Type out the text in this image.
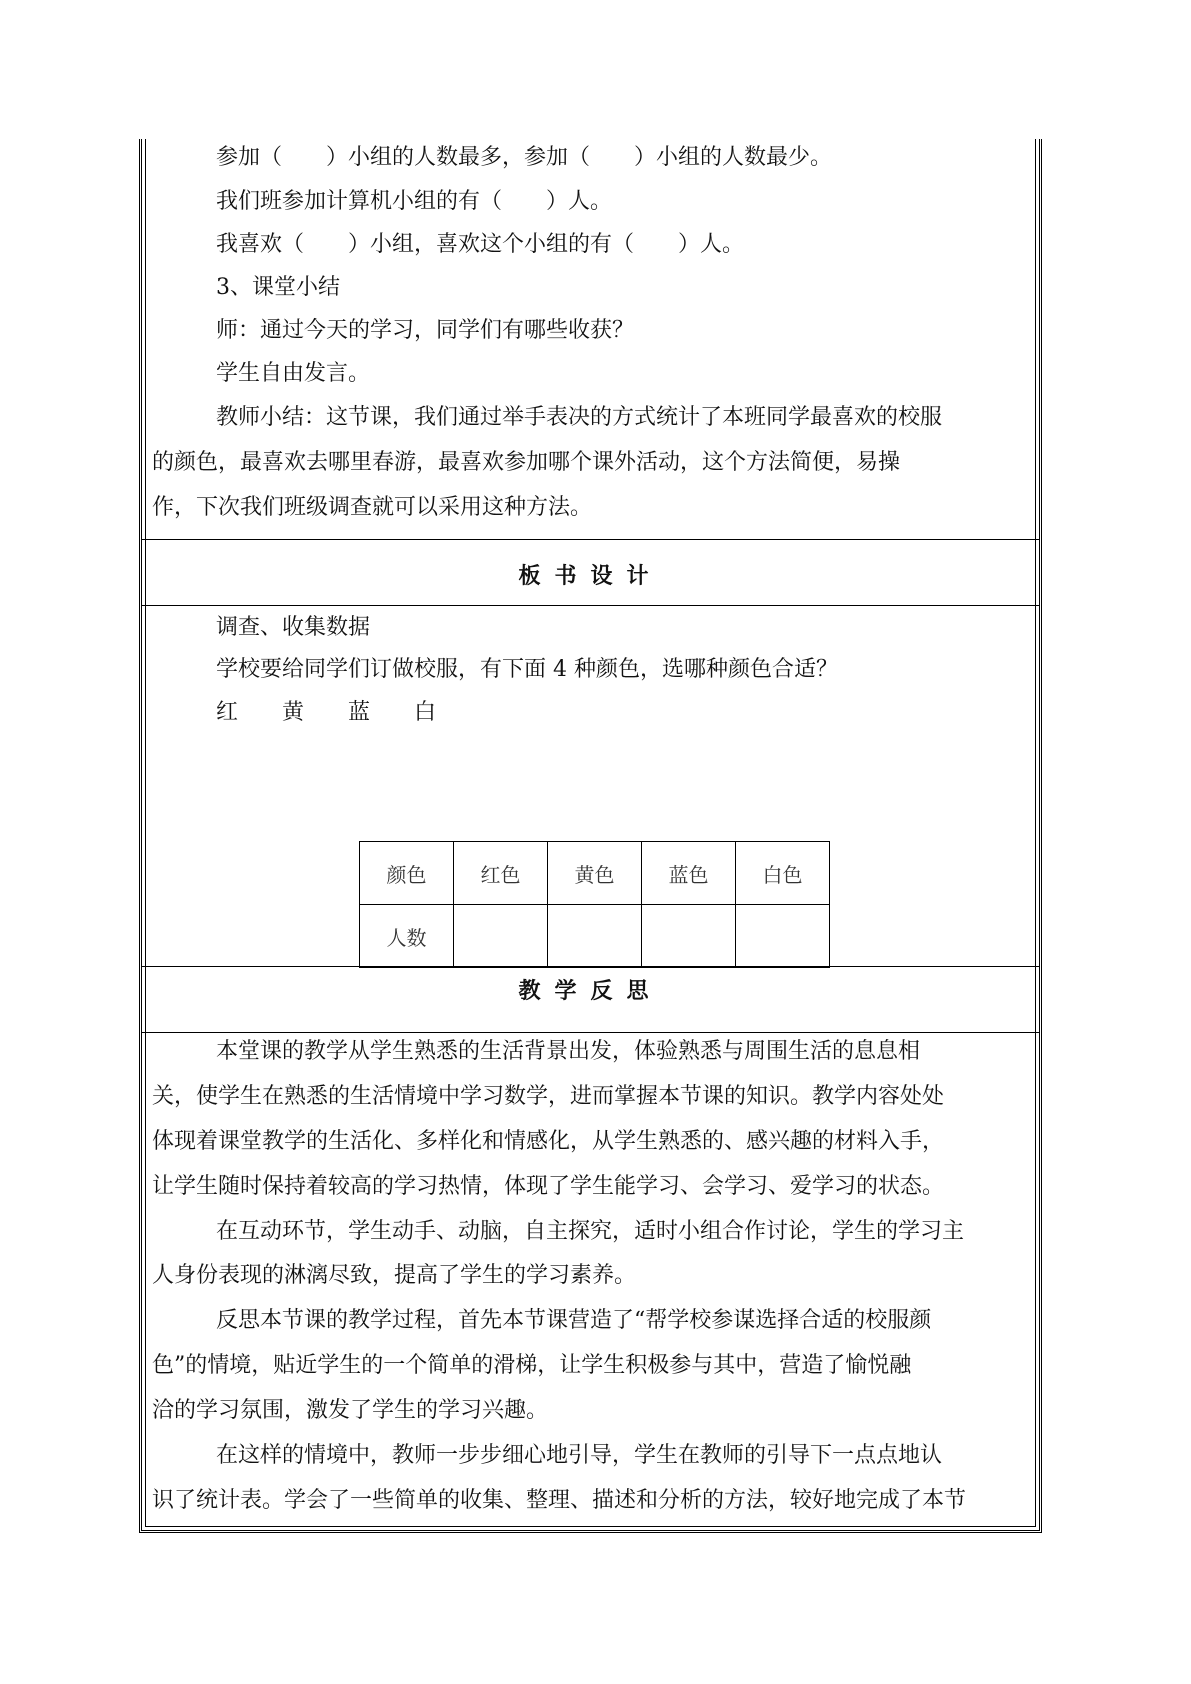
参加（　　）小组的人数最多，参加（　　）小组的人数最少。
我们班参加计算机小组的有（　　）人。
我喜欢（　　）小组，喜欢这个小组的有（　　）人。
3、课堂小结
师：通过今天的学习，同学们有哪些收获？
学生自由发言。
教师小结：这节课，我们通过举手表决的方式统计了本班同学最喜欢的校服
的颜色，最喜欢去哪里春游，最喜欢参加哪个课外活动，这个方法简便，易操
作，下次我们班级调查就可以采用这种方法。
板书设计
调查、收集数据
学校要给同学们订做校服，有下面 4 种颜色，选哪种颜色合适？
红 黄 蓝 白
颜色	红色	黄色	蓝色	白色
人数				
教学反思
本堂课的教学从学生熟悉的生活背景出发，体验熟悉与周围生活的息息相
关，使学生在熟悉的生活情境中学习数学，进而掌握本节课的知识。教学内容处处
体现着课堂教学的生活化、多样化和情感化，从学生熟悉的、感兴趣的材料入手，
让学生随时保持着较高的学习热情，体现了学生能学习、会学习、爱学习的状态。
在互动环节，学生动手、动脑，自主探究，适时小组合作讨论，学生的学习主
人身份表现的淋漓尽致，提高了学生的学习素养。
反思本节课的教学过程，首先本节课营造了“帮学校参谋选择合适的校服颜
色”的情境，贴近学生的一个简单的滑梯，让学生积极参与其中，营造了愉悦融
洽的学习氛围，激发了学生的学习兴趣。
在这样的情境中，教师一步步细心地引导，学生在教师的引导下一点点地认
识了统计表。学会了一些简单的收集、整理、描述和分析的方法，较好地完成了本节
